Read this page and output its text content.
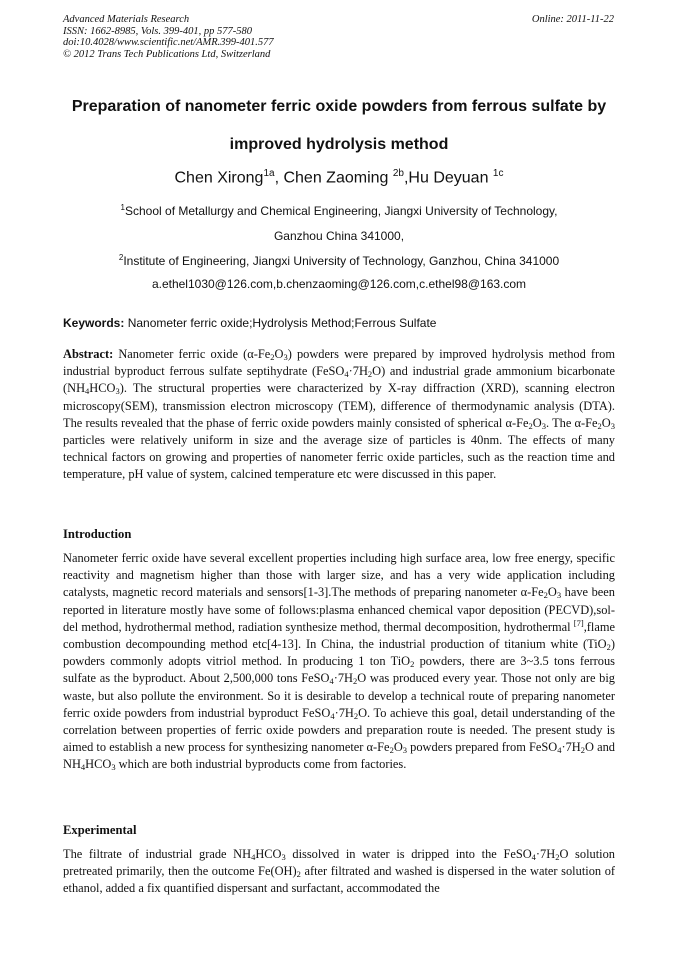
Advanced Materials Research
ISSN: 1662-8985, Vols. 399-401, pp 577-580
doi:10.4028/www.scientific.net/AMR.399-401.577
© 2012 Trans Tech Publications Ltd, Switzerland
Online: 2011-11-22
Preparation of nanometer ferric oxide powders from ferrous sulfate by
improved hydrolysis method
Chen Xirong$^{1a}$, Chen Zaoming $^{2b}$,Hu Deyuan $^{1c}$
$^1$School of Metallurgy and Chemical Engineering, Jiangxi University of Technology,
Ganzhou China 341000,
$^2$Institute of Engineering, Jiangxi University of Technology, Ganzhou, China 341000
a.ethel1030@126.com,b.chenzaoming@126.com,c.ethel98@163.com
Keywords: Nanometer ferric oxide;Hydrolysis Method;Ferrous Sulfate
Abstract: Nanometer ferric oxide $(\alpha-Fe_2O_3)$ powders were prepared by improved hydrolysis method from industrial byproduct ferrous sulfate septihydrate $(FeSO_4\cdot 7H_2O)$ and industrial grade ammonium bicarbonate $(NH_4HCO_3)$. The structural properties were characterized by X-ray diffraction (XRD), scanning electron microscopy(SEM), transmission electron microscopy (TEM), difference of thermodynamic analysis (DTA). The results revealed that the phase of ferric oxide powders mainly consisted of spherical $\alpha-Fe_2O_3$. The $\alpha-Fe_2O_3$ particles were relatively uniform in size and the average size of particles is 40nm. The effects of many technical factors on growing and properties of nanometer ferric oxide particles, such as the reaction time and temperature, pH value of system, calcined temperature etc were discussed in this paper.
Introduction
Nanometer ferric oxide have several excellent properties including high surface area, low free energy, specific reactivity and magnetism higher than those with larger size, and has a very wide application including catalysts, magnetic record materials and sensors[1-3].The methods of preparing nanometer $\alpha-Fe_2O_3$ have been reported in literature mostly have some of follows:plasma enhanced chemical vapor deposition (PECVD),sol-del method, hydrothermal method, radiation synthesize method, thermal decomposition, hydrothermal [7],flame combustion decompounding method etc[4-13]. In China, the industrial production of titanium white (TiO$_2$) powders commonly adopts vitriol method. In producing 1 ton TiO$_2$ powders, there are 3~3.5 tons ferrous sulfate as the byproduct. About 2,500,000 tons $FeSO_4\cdot 7H_2O$ was produced every year. Those not only are big waste, but also pollute the environment. So it is desirable to develop a technical route of preparing nanometer ferric oxide powders from industrial byproduct $FeSO_4\cdot 7H_2O$. To achieve this goal, detail understanding of the correlation between properties of ferric oxide powders and preparation route is needed. The present study is aimed to establish a new process for synthesizing nanometer $\alpha-Fe_2O_3$ powders prepared from $FeSO_4\cdot 7H_2O$ and $NH_4HCO_3$ which are both industrial byproducts come from factories.
Experimental
The filtrate of industrial grade $NH_4HCO_3$ dissolved in water is dripped into the $FeSO_4\cdot 7H_2O$ solution pretreated primarily, then the outcome $Fe(OH)_2$ after filtrated and washed is dispersed in the water solution of ethanol, added a fix quantified dispersant and surfactant, accommodated the
